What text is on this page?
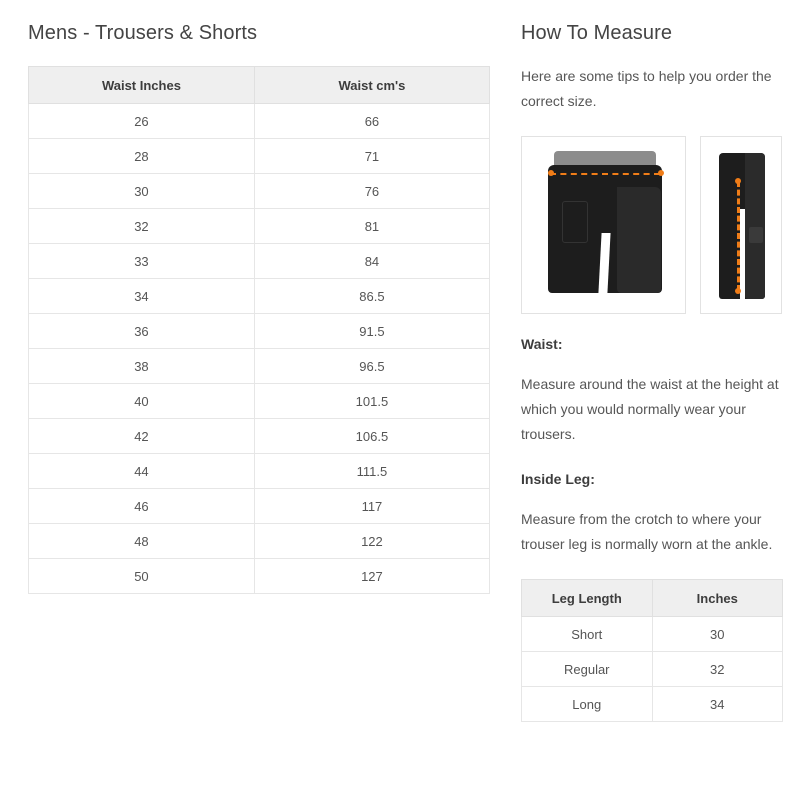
Mens - Trousers & Shorts
Waist Inches	Waist cm's
26	66
28	71
30	76
32	81
33	84
34	86.5
36	91.5
38	96.5
40	101.5
42	106.5
44	111.5
46	117
48	122
50	127
How To Measure

Here are some tips to help you order the correct size.

Waist:

Measure around the waist at the height at which you would normally wear your trousers.

Inside Leg:

Measure from the crotch to where your trouser leg is normally worn at the ankle.

Leg Length	Inches
Short	30
Regular	32
Long	34
